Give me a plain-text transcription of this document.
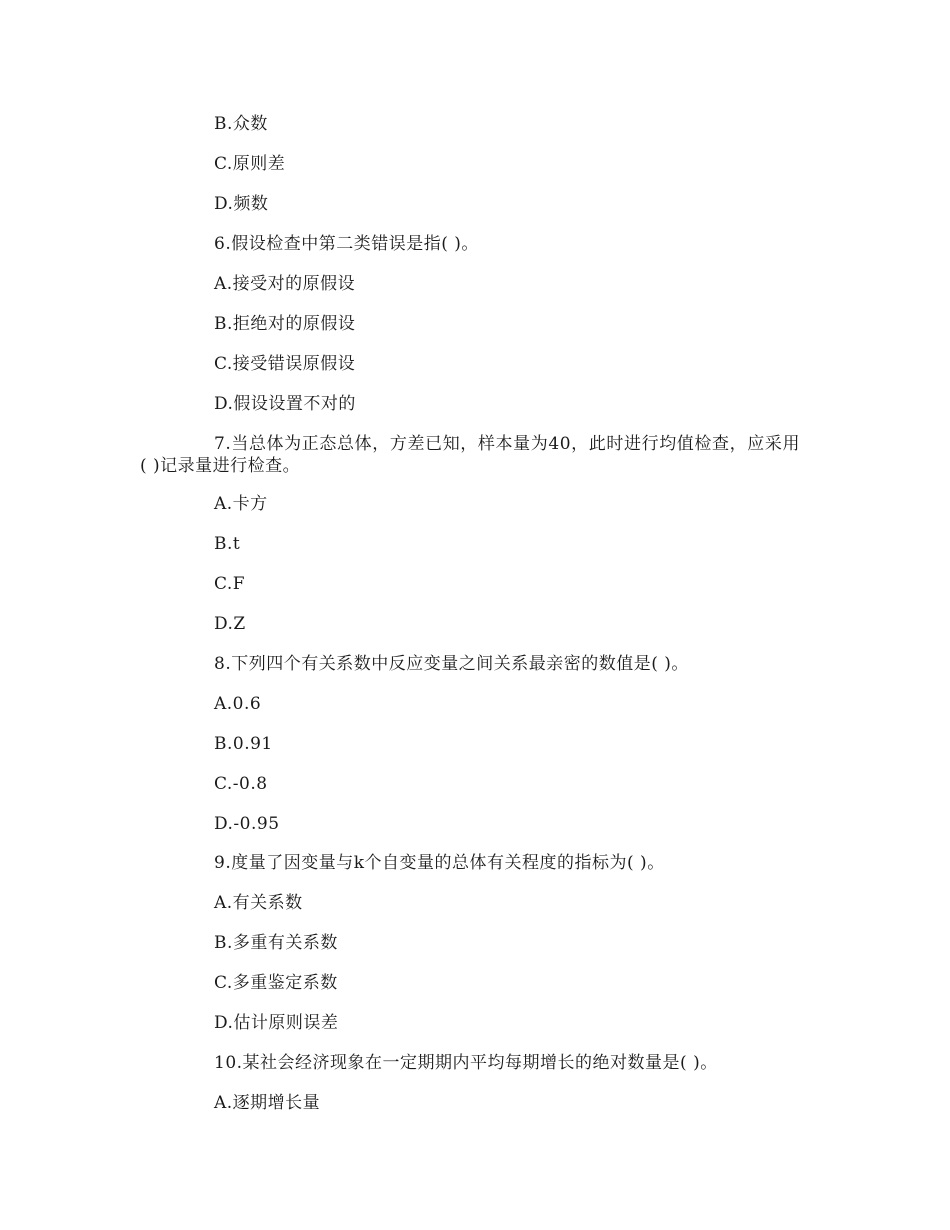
B.众数
C.原则差
D.频数
6.假设检查中第二类错误是指( )。
A.接受对的原假设
B.拒绝对的原假设
C.接受错误原假设
D.假设设置不对的
7.当总体为正态总体，方差已知，样本量为40，此时进行均值检查，应采用( )记录量进行检查。
A.卡方
B.t
C.F
D.Z
8.下列四个有关系数中反应变量之间关系最亲密的数值是( )。
A.0.6
B.0.91
C.-0.8
D.-0.95
9.度量了因变量与k个自变量的总体有关程度的指标为( )。
A.有关系数
B.多重有关系数
C.多重鉴定系数
D.估计原则误差
10.某社会经济现象在一定期期内平均每期增长的绝对数量是( )。
A.逐期增长量
